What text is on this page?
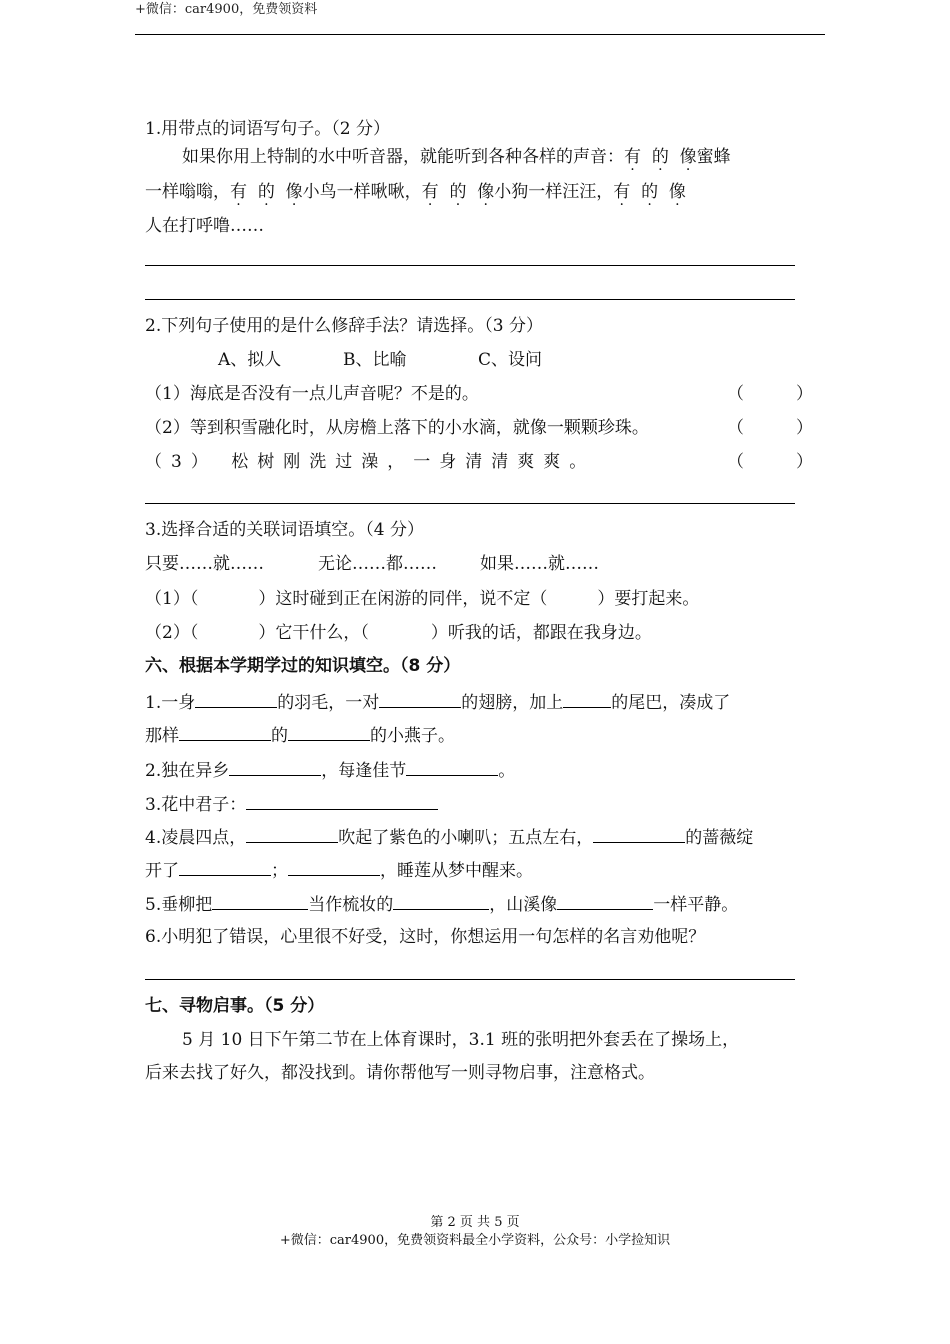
+微信：car4900，免费领资料
1.用带点的词语写句子。（2 分）
如果你用上特制的水中听音器，就能听到各种各样的声音：有 的 像蜜蜂
一样嗡嗡，有 的 像小鸟一样啾啾，有 的 像小狗一样汪汪，有 的 像
人在打呼噜……
2.下列句子使用的是什么修辞手法？请选择。（3 分）
A、拟人	B、比喻	C、设问
（1）海底是否没有一点儿声音呢？不是的。
（2）等到积雪融化时，从房檐上落下的小水滴，就像一颗颗珍珠。
（3） 松树刚洗过澡，一身清清爽爽。
（	）
（	）
（	）
3.选择合适的关联词语填空。（4 分）
只要……就……	无论……都……	如果……就……
（1）（	）这时碰到正在闲游的同伴，说不定（	）要打起来。
（2）（	）它干什么，（	）听我的话，都跟在我身边。
六、根据本学期学过的知识填空。（8 分）
1.一身	的羽毛，一对	的翅膀，加上	的尾巴，凑成了
那样	的	的小燕子。
2.独在异乡	，每逢佳节	。
3.花中君子：
4.凌晨四点，	吹起了紫色的小喇叭；五点左右，	的蔷薇绽
开了	；	，睡莲从梦中醒来。
5.垂柳把	当作梳妆的	，山溪像	一样平静。
6.小明犯了错误，心里很不好受，这时，你想运用一句怎样的名言劝他呢？
七、寻物启事。（5 分）
5 月 10 日下午第二节在上体育课时，3.1 班的张明把外套丢在了操场上，
后来去找了好久，都没找到。请你帮他写一则寻物启事，注意格式。
第 2 页 共 5 页
+微信：car4900，免费领资料最全小学资料，公众号：小学捡知识
